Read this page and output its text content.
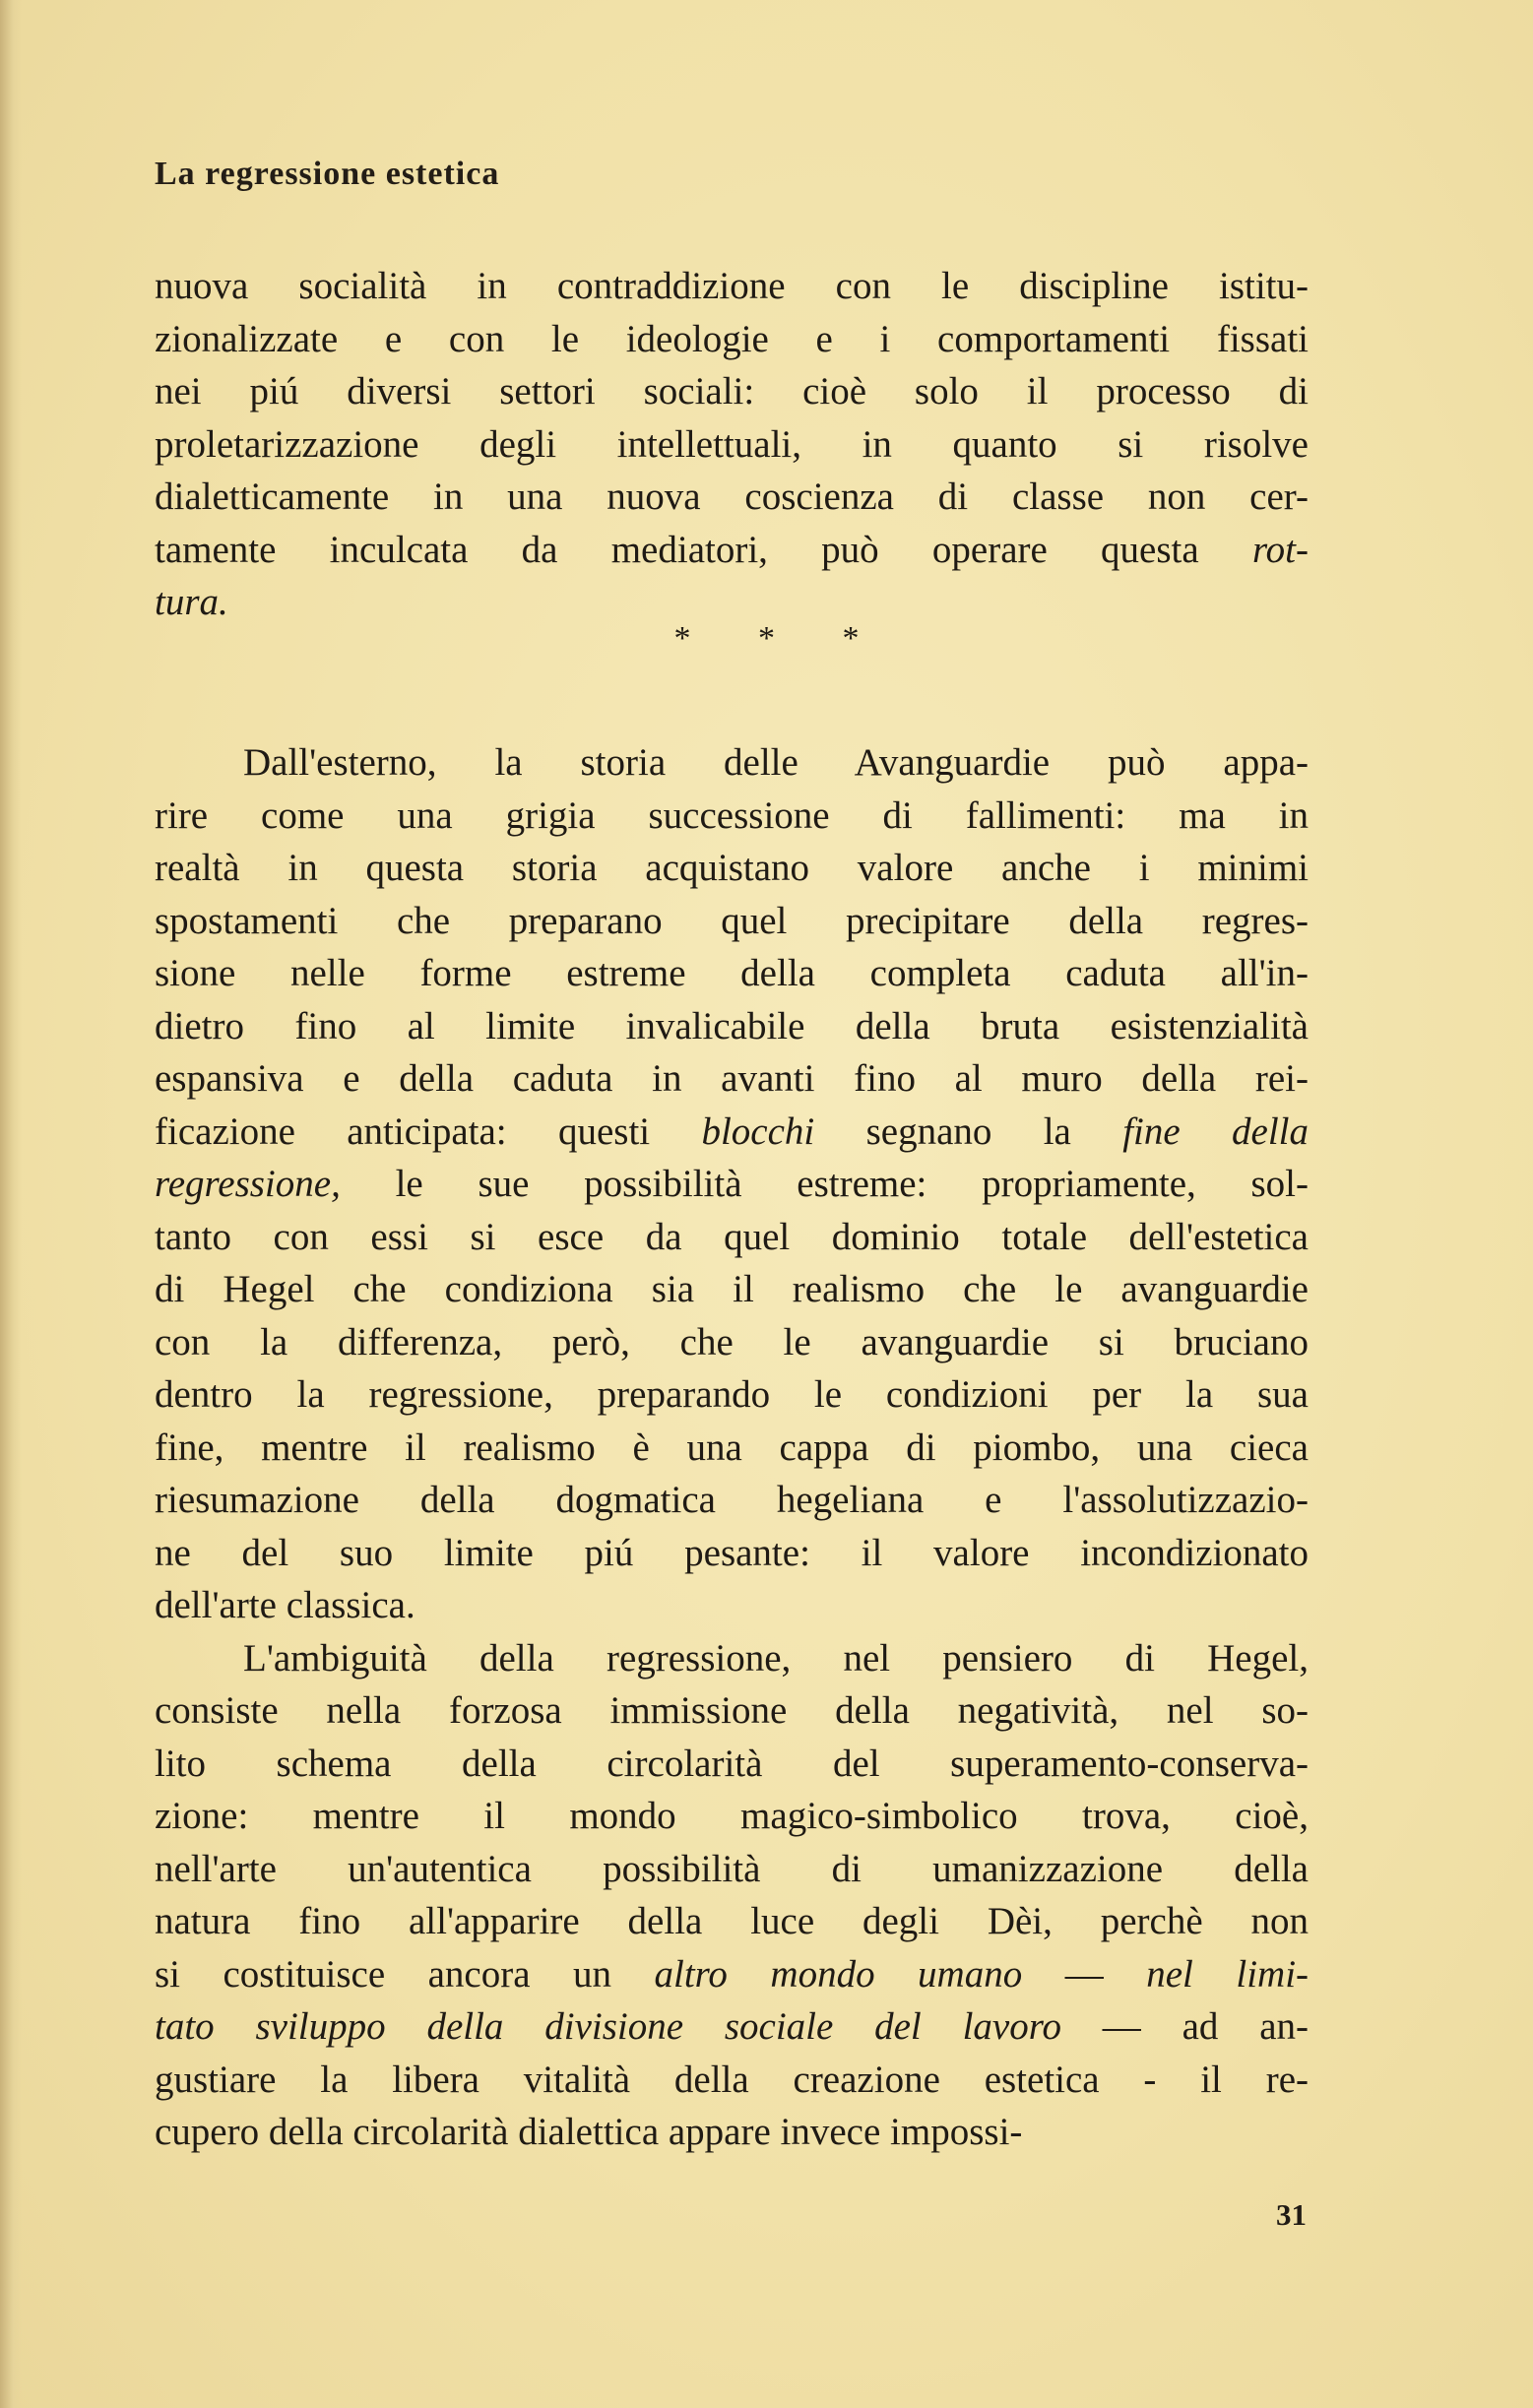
La regressione estetica
nuova socialità in contraddizione con le discipline istitu-
zionalizzate e con le ideologie e i comportamenti fissati
nei piú diversi settori sociali: cioè solo il processo di
proletarizzazione degli intellettuali, in quanto si risolve
dialetticamente in una nuova coscienza di classe non cer-
tamente inculcata da mediatori, può operare questa rot-
tura.
* * *
Dall'esterno, la storia delle Avanguardie può appa-
rire come una grigia successione di fallimenti: ma in
realtà in questa storia acquistano valore anche i minimi
spostamenti che preparano quel precipitare della regres-
sione nelle forme estreme della completa caduta all'in-
dietro fino al limite invalicabile della bruta esistenzialità
espansiva e della caduta in avanti fino al muro della rei-
ficazione anticipata: questi blocchi segnano la fine della
regressione, le sue possibilità estreme: propriamente, sol-
tanto con essi si esce da quel dominio totale dell'estetica
di Hegel che condiziona sia il realismo che le avanguardie
con la differenza, però, che le avanguardie si bruciano
dentro la regressione, preparando le condizioni per la sua
fine, mentre il realismo è una cappa di piombo, una cieca
riesumazione della dogmatica hegeliana e l'assolutizzazio-
ne del suo limite piú pesante: il valore incondizionato
dell'arte classica.
L'ambiguità della regressione, nel pensiero di Hegel,
consiste nella forzosa immissione della negatività, nel so-
lito schema della circolarità del superamento-conserva-
zione: mentre il mondo magico-simbolico trova, cioè,
nell'arte un'autentica possibilità di umanizzazione della
natura fino all'apparire della luce degli Dèi, perchè non
si costituisce ancora un altro mondo umano — nel limi-
tato sviluppo della divisione sociale del lavoro — ad an-
gustiare la libera vitalità della creazione estetica - il re-
cupero della circolarità dialettica appare invece impossi-
31
